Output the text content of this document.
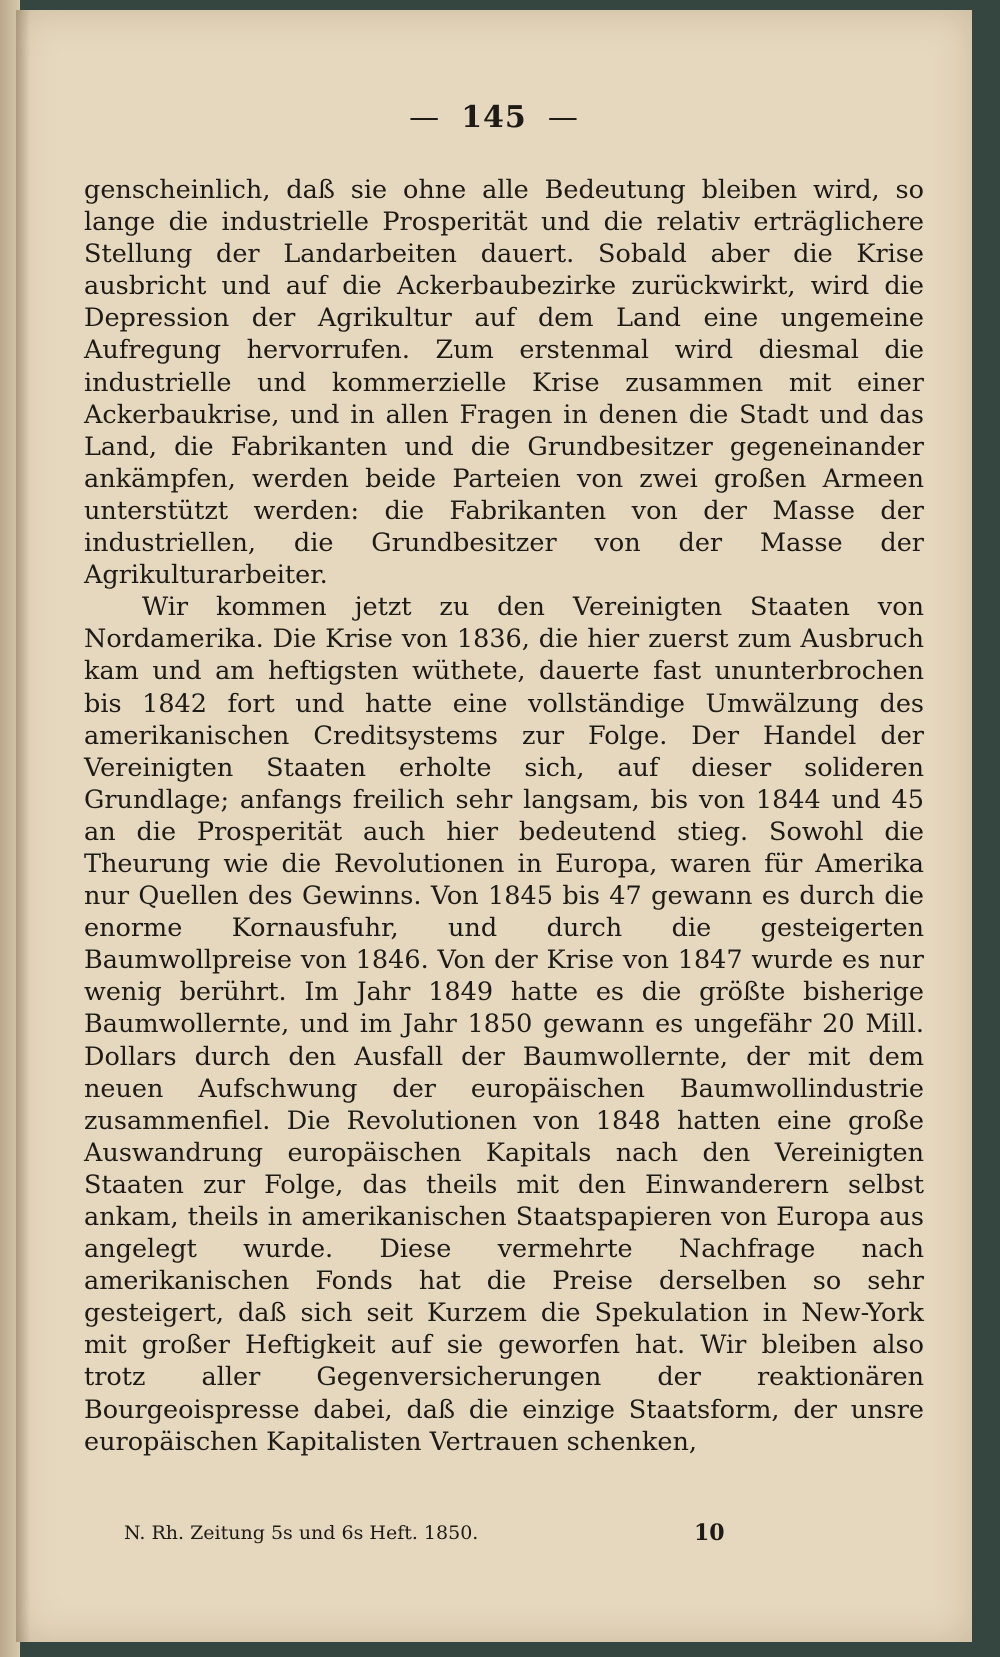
—  145  —

genscheinlich, daß sie ohne alle Bedeutung bleiben wird, so lange die industrielle Prosperität und die relativ erträglichere Stellung der Landarbeiten dauert. Sobald aber die Krise ausbricht und auf die Ackerbaubezirke zurückwirkt, wird die Depression der Agrikultur auf dem Land eine ungemeine Aufregung hervorrufen. Zum erstenmal wird diesmal die industrielle und kommerzielle Krise zusammen mit einer Ackerbaukrise, und in allen Fragen in denen die Stadt und das Land, die Fabrikanten und die Grundbesitzer gegeneinander ankämpfen, werden beide Parteien von zwei großen Armeen unterstützt werden: die Fabrikanten von der Masse der industriellen, die Grundbesitzer von der Masse der Agrikulturarbeiter.

Wir kommen jetzt zu den Vereinigten Staaten von Nordamerika. Die Krise von 1836, die hier zuerst zum Ausbruch kam und am heftigsten wüthete, dauerte fast ununterbrochen bis 1842 fort und hatte eine vollständige Umwälzung des amerikanischen Creditsystems zur Folge. Der Handel der Vereinigten Staaten erholte sich, auf dieser solideren Grundlage; anfangs freilich sehr langsam, bis von 1844 und 45 an die Prosperität auch hier bedeutend stieg. Sowohl die Theurung wie die Revolutionen in Europa, waren für Amerika nur Quellen des Gewinns. Von 1845 bis 47 gewann es durch die enorme Kornausfuhr, und durch die gesteigerten Baumwollpreise von 1846. Von der Krise von 1847 wurde es nur wenig berührt. Im Jahr 1849 hatte es die größte bisherige Baumwollernte, und im Jahr 1850 gewann es ungefähr 20 Mill. Dollars durch den Ausfall der Baumwollernte, der mit dem neuen Aufschwung der europäischen Baumwollindustrie zusammenfiel. Die Revolutionen von 1848 hatten eine große Auswandrung europäischen Kapitals nach den Vereinigten Staaten zur Folge, das theils mit den Einwanderern selbst ankam, theils in amerikanischen Staatspapieren von Europa aus angelegt wurde. Diese vermehrte Nachfrage nach amerikanischen Fonds hat die Preise derselben so sehr gesteigert, daß sich seit Kurzem die Spekulation in New-York mit großer Heftigkeit auf sie geworfen hat. Wir bleiben also trotz aller Gegenversicherungen der reaktionären Bourgeoispresse dabei, daß die einzige Staatsform, der unsre europäischen Kapitalisten Vertrauen schenken,

N. Rh. Zeitung 5s und 6s Heft. 1850.	10
